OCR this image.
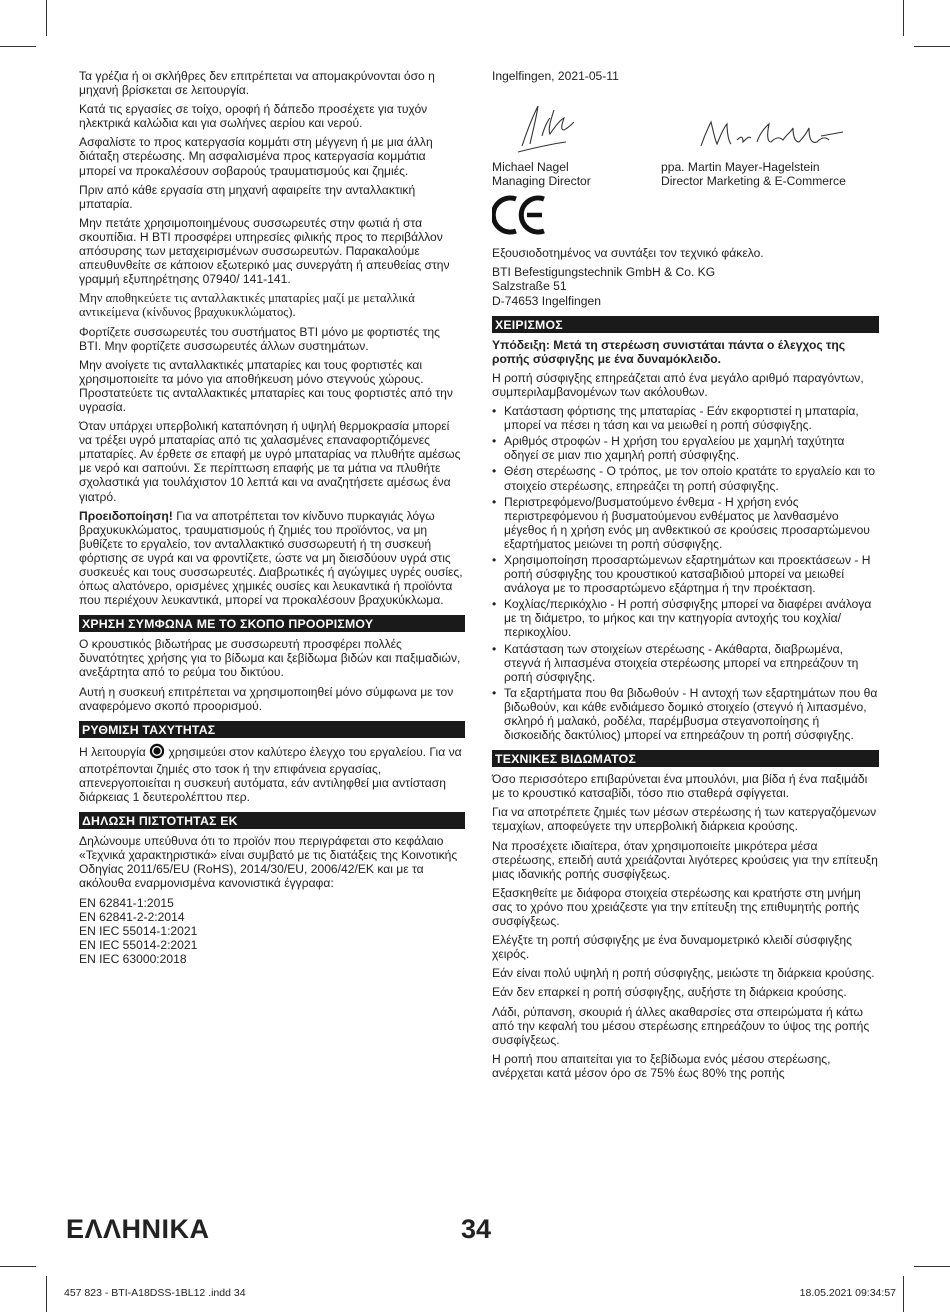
Τα γρέζια ή οι σκλήθρες δεν επιτρέπεται να απομακρύνονται όσο η μηχανή βρίσκεται σε λειτουργία.

Κατά τις εργασίες σε τοίχο, οροφή ή δάπεδο προσέχετε για τυχόν ηλεκτρικά καλώδια και για σωλήνες αερίου και νερού.

Ασφαλίστε το προς κατεργασία κομμάτι στη μέγγενη ή με μια άλλη διάταξη στερέωσης. Μη ασφαλισμένα προς κατεργασία κομμάτια μπορεί να προκαλέσουν σοβαρούς τραυματισμούς και ζημιές.

Πριν από κάθε εργασία στη μηχανή αφαιρείτε την ανταλλακτική μπαταρία.

Μην πετάτε χρησιμοποιημένους συσσωρευτές στην φωτιά ή στα σκουπίδια. Η BTI προσφέρει υπηρεσίες φιλικής προς το περιβάλλον απόσυρσης των μεταχειρισμένων συσσωρευτών. Παρακαλούμε απευθυνθείτε σε κάποιον εξωτερικό μας συνεργάτη ή απευθείας στην γραμμή εξυπηρέτησης 07940/ 141-141.

Μην αποθηκεύετε τις ανταλλακτικές μπαταρίες μαζί με μεταλλικά αντικείμενα (κίνδυνος βραχυκυκλώματος).

Φορτίζετε συσσωρευτές του συστήματος BTI μόνο με φορτιστές της BTI. Μην φορτίζετε συσσωρευτές άλλων συστημάτων.

Μην ανοίγετε τις ανταλλακτικές μπαταρίες και τους φορτιστές και χρησιμοποιείτε τα μόνο για αποθήκευση μόνο στεγνούς χώρους. Προστατεύετε τις ανταλλακτικές μπαταρίες και τους φορτιστές από την υγρασία.

Όταν υπάρχει υπερβολική καταπόνηση ή υψηλή θερμοκρασία μπορεί να τρέξει υγρό μπαταρίας από τις χαλασμένες επαναφορτιζόμενες μπαταρίες. Αν έρθετε σε επαφή με υγρό μπαταρίας να πλυθήτε αμέσως με νερό και σαπούνι. Σε περίπτωση επαφής με τα μάτια να πλυθήτε σχολαστικά για τουλάχιστον 10 λεπτά και να αναζητήσετε αμέσως ένα γιατρό.

Προειδοποίηση! Για να αποτρέπεται τον κίνδυνο πυρκαγιάς λόγω βραχυκυκλώματος, τραυματισμούς ή ζημιές του προϊόντος, να μη βυθίζετε το εργαλείο, τον ανταλλακτικό συσσωρευτή ή τη συσκευή φόρτισης σε υγρά και να φροντίζετε, ώστε να μη διεισδύουν υγρά στις συσκευές και τους συσσωρευτές. Διαβρωτικές ή αγώγιμες υγρές ουσίες, όπως αλατόνερο, ορισμένες χημικές ουσίες και λευκαντικά ή προϊόντα που περιέχουν λευκαντικά, μπορεί να προκαλέσουν βραχυκύκλωμα.

ΧΡΗΣΗ ΣΥΜΦΩΝΑ ΜΕ ΤΟ ΣΚΟΠΟ ΠΡΟΟΡΙΣΜΟΥ

Ο κρουστικός βιδωτήρας με συσσωρευτή προσφέρει πολλές δυνατότητες χρήσης για το βίδωμα και ξεβίδωμα βιδών και παξιμαδιών, ανεξάρτητα από το ρεύμα του δικτύου.

Αυτή η συσκευή επιτρέπεται να χρησιμοποιηθεί μόνο σύμφωνα με τον αναφερόμενο σκοπό προορισμού.

ΡΥΘΜΙΣΗ ΤΑΧΥΤΗΤΑΣ

Η λειτουργία  χρησιμεύει στον καλύτερο έλεγχο του εργαλείου. Για να αποτρέπονται ζημιές στο τσοκ ή την επιφάνεια εργασίας, απενεργοποιείται η συσκευή αυτόματα, εάν αντιληφθεί μια αντίσταση διάρκειας 1 δευτερολέπτου περ.

ΔΗΛΩΣΗ ΠΙΣΤΟΤΗΤΑΣ ΕΚ

Δηλώνουμε υπεύθυνα ότι το προϊόν που περιγράφεται στο κεφάλαιο «Τεχνικά χαρακτηριστικά» είναι συμβατό με τις διατάξεις της Κοινοτικής Οδηγίας 2011/65/EU (RoHS), 2014/30/EU, 2006/42/EK και με τα ακόλουθα εναρμονισμένα κανονιστικά έγγραφα:

EN 62841-1:2015

EN 62841-2-2:2014

EN IEC 55014-1:2021

EN IEC 55014-2:2021

EN IEC 63000:2018

Ingelfingen, 2021-05-11

Michael Nagel
Managing Director
ppa. Martin Mayer-Hagelstein
Director Marketing & E-Commerce

Εξουσιοδοτημένος να συντάξει τον τεχνικό φάκελο.

BTI Befestigungstechnik GmbH & Co. KG

Salzstraße 51

D-74653 Ingelfingen

ΧΕΙΡΙΣΜΟΣ

Υπόδειξη: Μετά τη στερέωση συνιστάται πάντα ο έλεγχος της ροπής σύσφιγξης με ένα δυναμόκλειδο.

Η ροπή σύσφιγξης επηρεάζεται από ένα μεγάλο αριθμό παραγόντων, συμπεριλαμβανομένων των ακόλουθων.

• Κατάσταση φόρτισης της μπαταρίας - Εάν εκφορτιστεί η μπαταρία, μπορεί να πέσει η τάση και να μειωθεί η ροπή σύσφιγξης.
• Αριθμός στροφών - Η χρήση του εργαλείου με χαμηλή ταχύτητα οδηγεί σε μιαν πιο χαμηλή ροπή σύσφιγξης.
• Θέση στερέωσης - Ο τρόπος, με τον οποίο κρατάτε το εργαλείο και το στοιχείο στερέωσης, επηρεάζει τη ροπή σύσφιγξης.
• Περιστρεφόμενο/βυσματούμενο ένθεμα - Η χρήση ενός περιστρεφόμενου ή βυσματούμενου ενθέματος με λανθασμένο μέγεθος ή η χρήση ενός μη ανθεκτικού σε κρούσεις προσαρτώμενου εξαρτήματος μειώνει τη ροπή σύσφιγξης.
• Χρησιμοποίηση προσαρτώμενων εξαρτημάτων και προεκτάσεων - Η ροπή σύσφιγξης του κρουστικού κατσαβιδιού μπορεί να μειωθεί ανάλογα με το προσαρτώμενο εξάρτημα ή την προέκταση.
• Κοχλίας/περικόχλιο - Η ροπή σύσφιγξης μπορεί να διαφέρει ανάλογα με τη διάμετρο, το μήκος και την κατηγορία αντοχής του κοχλία/περικοχλίου.
• Κατάσταση των στοιχείων στερέωσης - Ακάθαρτα, διαβρωμένα, στεγνά ή λιπασμένα στοιχεία στερέωσης μπορεί να επηρεάζουν τη ροπή σύσφιγξης.
• Τα εξαρτήματα που θα βιδωθούν - Η αντοχή των εξαρτημάτων που θα βιδωθούν, και κάθε ενδιάμεσο δομικό στοιχείο (στεγνό ή λιπασμένο, σκληρό ή μαλακό, ροδέλα, παρέμβυσμα στεγανοποίησης ή δισκοειδής δακτύλιος) μπορεί να επηρεάζουν τη ροπή σύσφιγξης.
ΤΕΧΝΙΚΕΣ ΒΙΔΩΜΑΤΟΣ

Όσο περισσότερο επιβαρύνεται ένα μπουλόνι, μια βίδα ή ένα παξιμάδι με το κρουστικό κατσαβίδι, τόσο πιο σταθερά σφίγγεται.

Για να αποτρέπετε ζημιές των μέσων στερέωσης ή των κατεργαζόμενων τεμαχίων, αποφεύγετε την υπερβολική διάρκεια κρούσης.

Να προσέχετε ιδιαίτερα, όταν χρησιμοποιείτε μικρότερα μέσα στερέωσης, επειδή αυτά χρειάζονται λιγότερες κρούσεις για την επίτευξη μιας ιδανικής ροπής συσφίγξεως.

Εξασκηθείτε με διάφορα στοιχεία στερέωσης και κρατήστε στη μνήμη σας το χρόνο που χρειάζεστε για την επίτευξη της επιθυμητής ροπής συσφίγξεως.

Ελέγξτε τη ροπή σύσφιγξης με ένα δυναμομετρικό κλειδί σύσφιγξης χειρός.

Εάν είναι πολύ υψηλή η ροπή σύσφιγξης, μειώστε τη διάρκεια κρούσης.

Εάν δεν επαρκεί η ροπή σύσφιγξης, αυξήστε τη διάρκεια κρούσης.

Λάδι, ρύπανση, σκουριά ή άλλες ακαθαρσίες στα σπειρώματα ή κάτω από την κεφαλή του μέσου στερέωσης επηρεάζουν το ύψος της ροπής συσφίγξεως.

Η ροπή που απαιτείται για το ξεβίδωμα ενός μέσου στερέωσης, ανέρχεται κατά μέσον όρο σε 75% έως 80% της ροπής

ΕΛΛΗΝΙΚΑ	34
457 823 - BTI-A18DSS-1BL12 .indd 34	18.05.2021 09:34:57
